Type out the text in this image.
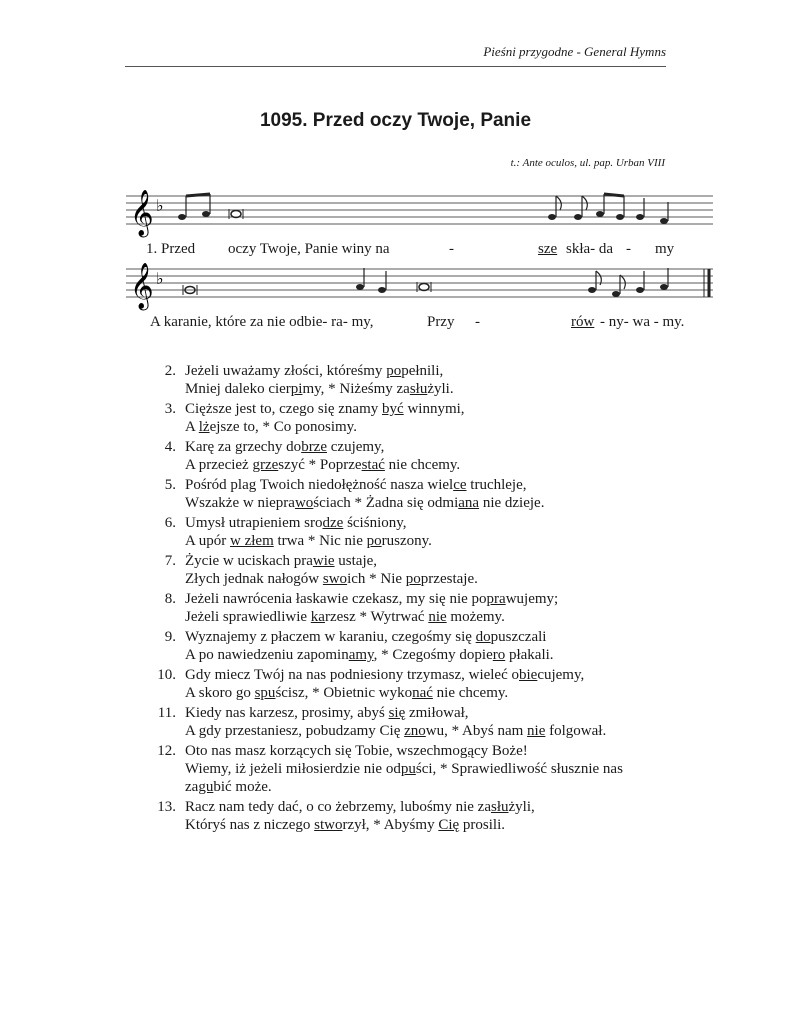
Pieśni przygodne - General Hymns
1095. Przed oczy Twoje, Panie
t.: Ante oculos, ul. pap. Urban VIII
𝄞 ♭
1. Przed oczy Twoje, Panie winy na	-	sze skła- da - my
𝄞 ♭
A karanie, które za nie odbie- ra- my,	Przy -	rów - ny- wa - my.
2. Jeżeli uważamy złości, któreśmy popełnili,
Mniej daleko cierpimy, * Niżeśmy zasłużyli.
3. Cięższe jest to, czego się znamy być winnymi,
A lżejsze to, * Co ponosimy.
4. Karę za grzechy dobrze czujemy,
A przecież grzeszyć * Poprzestać nie chcemy.
5. Pośród plag Twoich niedołężność nasza wielce truchleje,
Wszakże w nieprawościach * Żadna się odmiana nie dzieje.
6. Umysł utrapieniem srodze ściśniony,
A upór w złem trwa * Nic nie poruszony.
7. Życie w uciskach prawie ustaje,
Złych jednak nałogów swoich * Nie poprzestaje.
8. Jeżeli nawrócenia łaskawie czekasz, my się nie poprawujemy;
Jeżeli sprawiedliwie karzesz * Wytrwać nie możemy.
9. Wyznajemy z płaczem w karaniu, czegośmy się dopuszczali
A po nawiedzeniu zapominamy, * Czegośmy dopiero płakali.
10. Gdy miecz Twój na nas podniesiony trzymasz, wieleć obiecujemy,
A skoro go spuścisz, * Obietnic wykonać nie chcemy.
11. Kiedy nas karzesz, prosimy, abyś się zmiłował,
A gdy przestaniesz, pobudzamy Cię znowu, * Abyś nam nie folgował.
12. Oto nas masz korzących się Tobie, wszechmogący Boże!
Wiemy, iż jeżeli miłosierdzie nie odpuści, * Sprawiedliwość słusznie nas
zagubić może.
13. Racz nam tedy dać, o co żebrzemy, lubośmy nie zasłużyli,
Któryś nas z niczego stworzył, * Abyśmy Cię prosili.
